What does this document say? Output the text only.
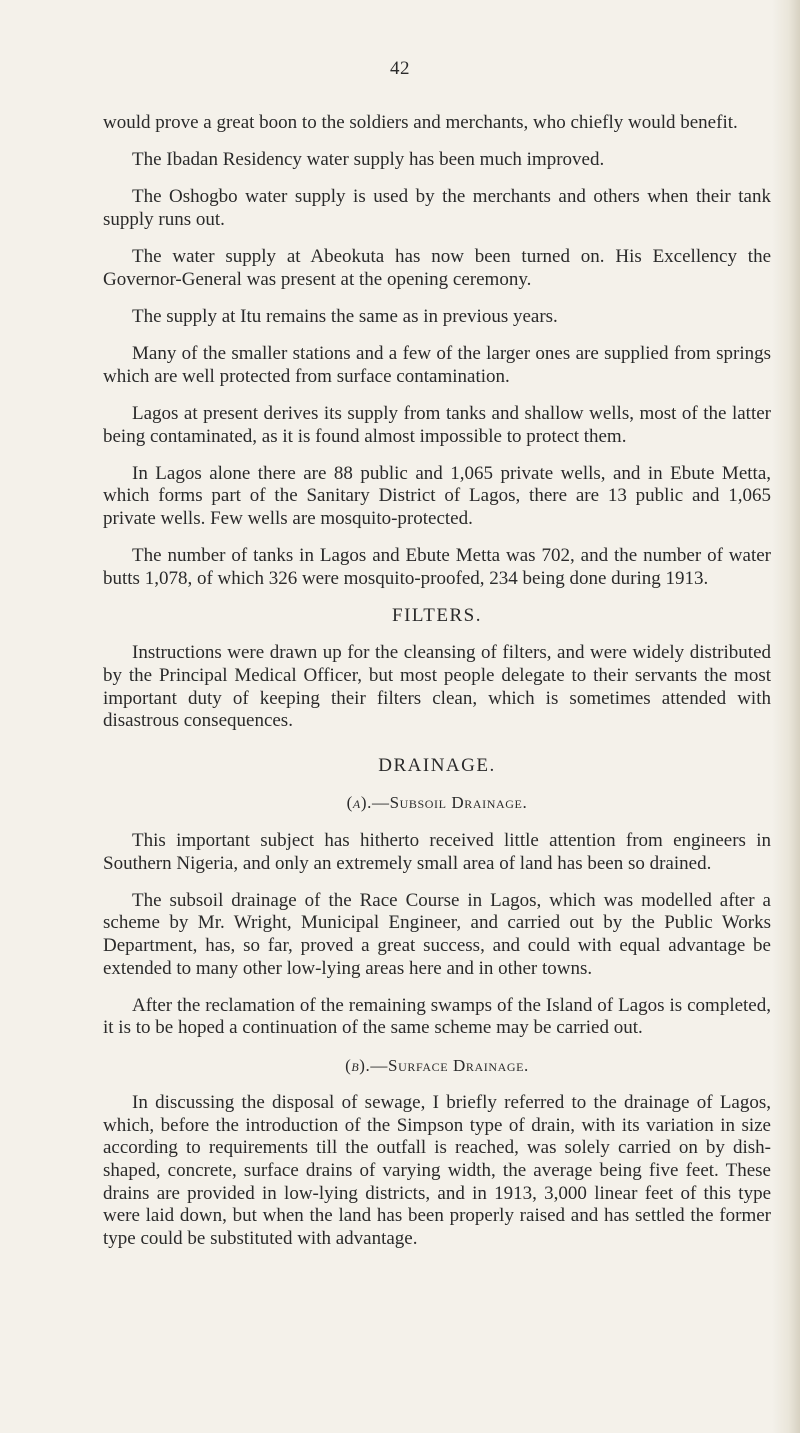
42

would prove a great boon to the soldiers and merchants, who chiefly would benefit.

The Ibadan Residency water supply has been much improved.

The Oshogbo water supply is used by the merchants and others when their tank supply runs out.

The water supply at Abeokuta has now been turned on. His Excellency the Governor-General was present at the opening ceremony.

The supply at Itu remains the same as in previous years.

Many of the smaller stations and a few of the larger ones are supplied from springs which are well protected from surface contamination.

Lagos at present derives its supply from tanks and shallow wells, most of the latter being contaminated, as it is found almost impossible to protect them.

In Lagos alone there are 88 public and 1,065 private wells, and in Ebute Metta, which forms part of the Sanitary District of Lagos, there are 13 public and 1,065 private wells. Few wells are mosquito-protected.

The number of tanks in Lagos and Ebute Metta was 702, and the number of water butts 1,078, of which 326 were mosquito-proofed, 234 being done during 1913.

FILTERS.

Instructions were drawn up for the cleansing of filters, and were widely distributed by the Principal Medical Officer, but most people delegate to their servants the most important duty of keeping their filters clean, which is sometimes attended with disastrous consequences.

DRAINAGE.
(a).—Subsoil Drainage.

This important subject has hitherto received little attention from engineers in Southern Nigeria, and only an extremely small area of land has been so drained.

The subsoil drainage of the Race Course in Lagos, which was modelled after a scheme by Mr. Wright, Municipal Engineer, and carried out by the Public Works Department, has, so far, proved a great success, and could with equal advantage be extended to many other low-lying areas here and in other towns.

After the reclamation of the remaining swamps of the Island of Lagos is completed, it is to be hoped a continuation of the same scheme may be carried out.

(b).—Surface Drainage.

In discussing the disposal of sewage, I briefly referred to the drainage of Lagos, which, before the introduction of the Simpson type of drain, with its variation in size according to requirements till the outfall is reached, was solely carried on by dish-shaped, concrete, surface drains of varying width, the average being five feet. These drains are provided in low-lying districts, and in 1913, 3,000 linear feet of this type were laid down, but when the land has been properly raised and has settled the former type could be substituted with advantage.
